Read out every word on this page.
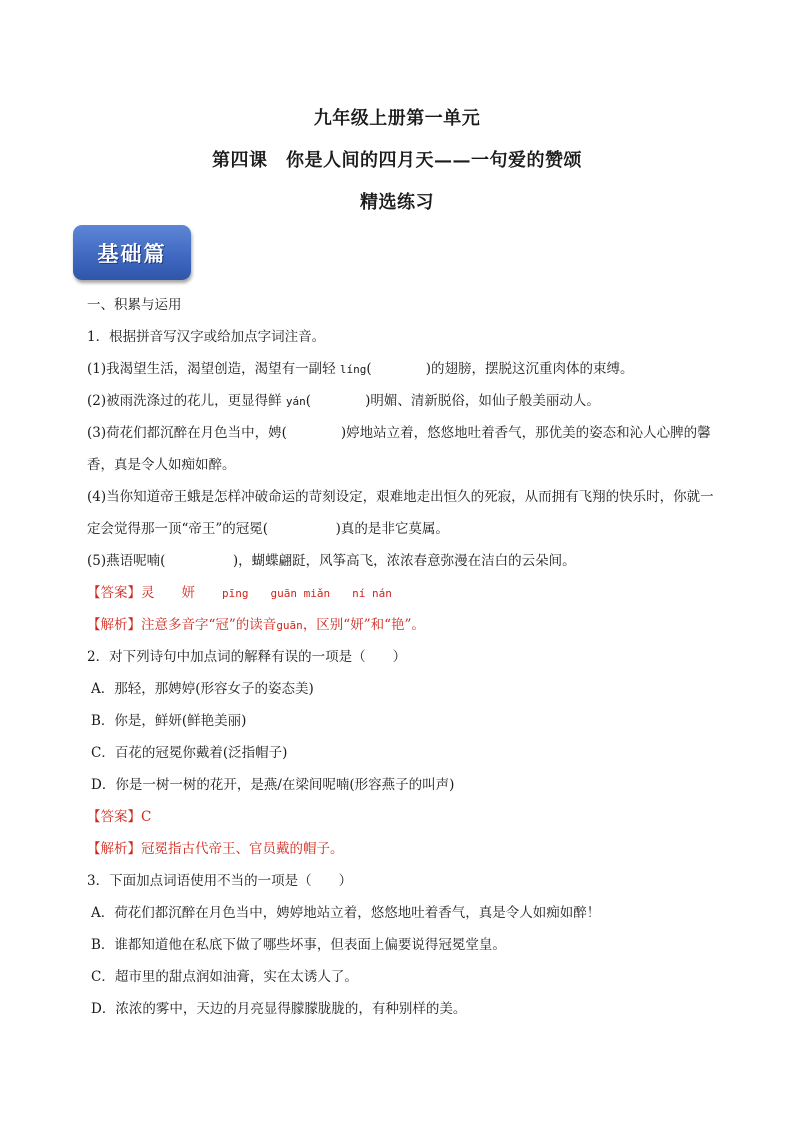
九年级上册第一单元
第四课　你是人间的四月天——一句爱的赞颂
精选练习
基础篇
一、积累与运用
1．根据拼音写汉字或给加点字词注音。
(1)我渴望生活，渴望创造，渴望有一副轻 líng(　　　　)的翅膀，摆脱这沉重肉体的束缚。
(2)被雨洗涤过的花儿，更显得鲜 yán(　　　　)明媚、清新脱俗，如仙子般美丽动人。
(3)荷花们都沉醉在月色当中，娉(　　　　)婷地站立着，悠悠地吐着香气，那优美的姿态和沁人心脾的馨
香，真是令人如痴如醉。
(4)当你知道帝王蛾是怎样冲破命运的苛刻设定，艰难地走出恒久的死寂，从而拥有飞翔的快乐时，你就一
定会觉得那一顶“帝王”的冠冕(　　　　　)真的是非它莫属。
(5)燕语呢喃(　　　　　)，蝴蝶翩跹，风筝高飞，浓浓春意弥漫在洁白的云朵间。
【答案】灵　　妍　　pīng　　guān miǎn　　ní nán
【解析】注意多音字“冠”的读音guān，区别“妍”和“艳”。
2．对下列诗句中加点词的解释有误的一项是（　　）
A．那轻，那娉婷(形容女子的姿态美)
B．你是，鲜妍(鲜艳美丽)
C．百花的冠冕你戴着(泛指帽子)
D．你是一树一树的花开，是燕/在梁间呢喃(形容燕子的叫声)
【答案】C
【解析】冠冕指古代帝王、官员戴的帽子。
3．下面加点词语使用不当的一项是（　　）
A．荷花们都沉醉在月色当中，娉婷地站立着，悠悠地吐着香气，真是令人如痴如醉！
B．谁都知道他在私底下做了哪些坏事，但表面上偏要说得冠冕堂皇。
C．超市里的甜点润如油膏，实在太诱人了。
D．浓浓的雾中，天边的月亮显得朦朦胧胧的，有种别样的美。
